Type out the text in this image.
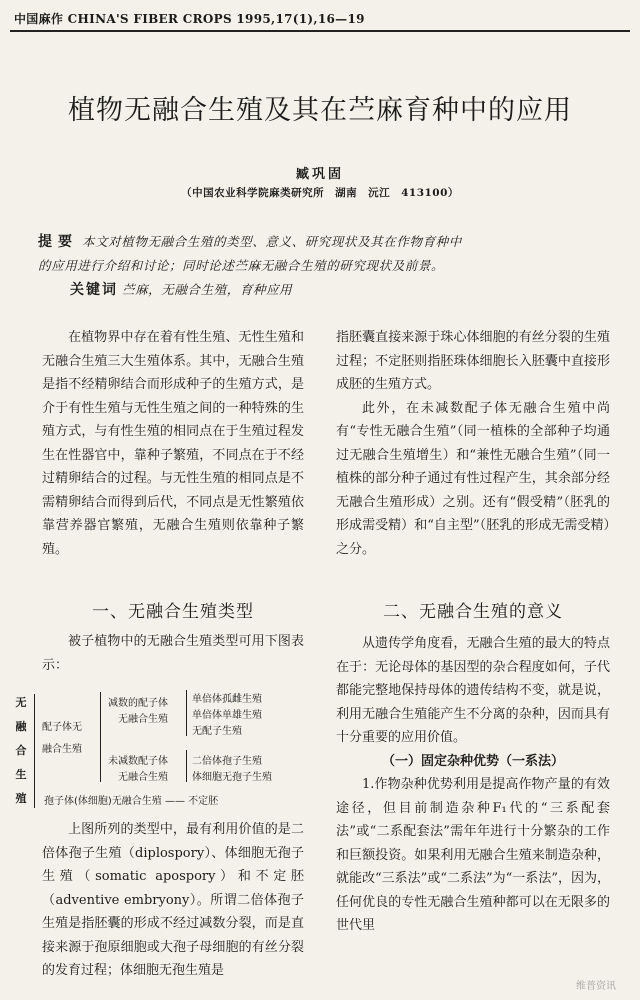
中国麻作 CHINA'S FIBER CROPS 1995,17(1),16—19
植物无融合生殖及其在苎麻育种中的应用
臧巩固
（中国农业科学院麻类研究所　湖南　沅江　413100）
提要 本文对植物无融合生殖的类型、意义、研究现状及其在作物育种中
的应用进行介绍和讨论；同时论述苎麻无融合生殖的研究现状及前景。
关键词 苎麻，无融合生殖，育种应用

在植物界中存在着有性生殖、无性生殖和无融合生殖三大生殖体系。其中，无融合生殖是指不经精卵结合而形成种子的生殖方式，是介于有性生殖与无性生殖之间的一种特殊的生殖方式，与有性生殖的相同点在于生殖过程发生在性器官中，靠种子繁殖，不同点在于不经过精卵结合的过程。与无性生殖的相同点是不需精卵结合而得到后代，不同点是无性繁殖依靠营养器官繁殖，无融合生殖则依靠种子繁殖。

一、无融合生殖类型

被子植物中的无融合生殖类型可用下图表示：

无
融
合
生
殖
配子体无
融合生殖
减数的配子体
无融合生殖
单倍体孤雌生殖
单倍体单雄生殖
无配子生殖
未减数配子体
无融合生殖
二倍体孢子生殖
体细胞无孢子生殖
孢子体(体细胞)无融合生殖 —— 不定胚

上图所列的类型中，最有利用价值的是二倍体孢子生殖（diplospory）、体细胞无孢子生殖（somatic apospory）和不定胚（adventive embryony）。所谓二倍体孢子生殖是指胚囊的形成不经过减数分裂，而是直接来源于孢原细胞或大孢子母细胞的有丝分裂的发育过程；体细胞无孢生殖是

指胚囊直接来源于珠心体细胞的有丝分裂的生殖过程；不定胚则指胚珠体细胞长入胚囊中直接形成胚的生殖方式。

此外，在未减数配子体无融合生殖中尚有“专性无融合生殖”（同一植株的全部种子均通过无融合生殖增生）和“兼性无融合生殖”（同一植株的部分种子通过有性过程产生，其余部分经无融合生殖形成）之别。还有“假受精”（胚乳的形成需受精）和“自主型”（胚乳的形成无需受精）之分。

二、无融合生殖的意义

从遗传学角度看，无融合生殖的最大的特点在于：无论母体的基因型的杂合程度如何，子代都能完整地保持母体的遗传结构不变，就是说，利用无融合生殖能产生不分离的杂种，因而具有十分重要的应用价值。

（一）固定杂种优势（一系法）

1.作物杂种优势利用是提高作物产量的有效途径，但目前制造杂种F₁代的“三系配套法”或“二系配套法”需年年进行十分繁杂的工作和巨额投资。如果利用无融合生殖来制造杂种，就能改“三系法”或“二系法”为“一系法”，因为，任何优良的专性无融合生殖种都可以在无限多的世代里

维普资讯
